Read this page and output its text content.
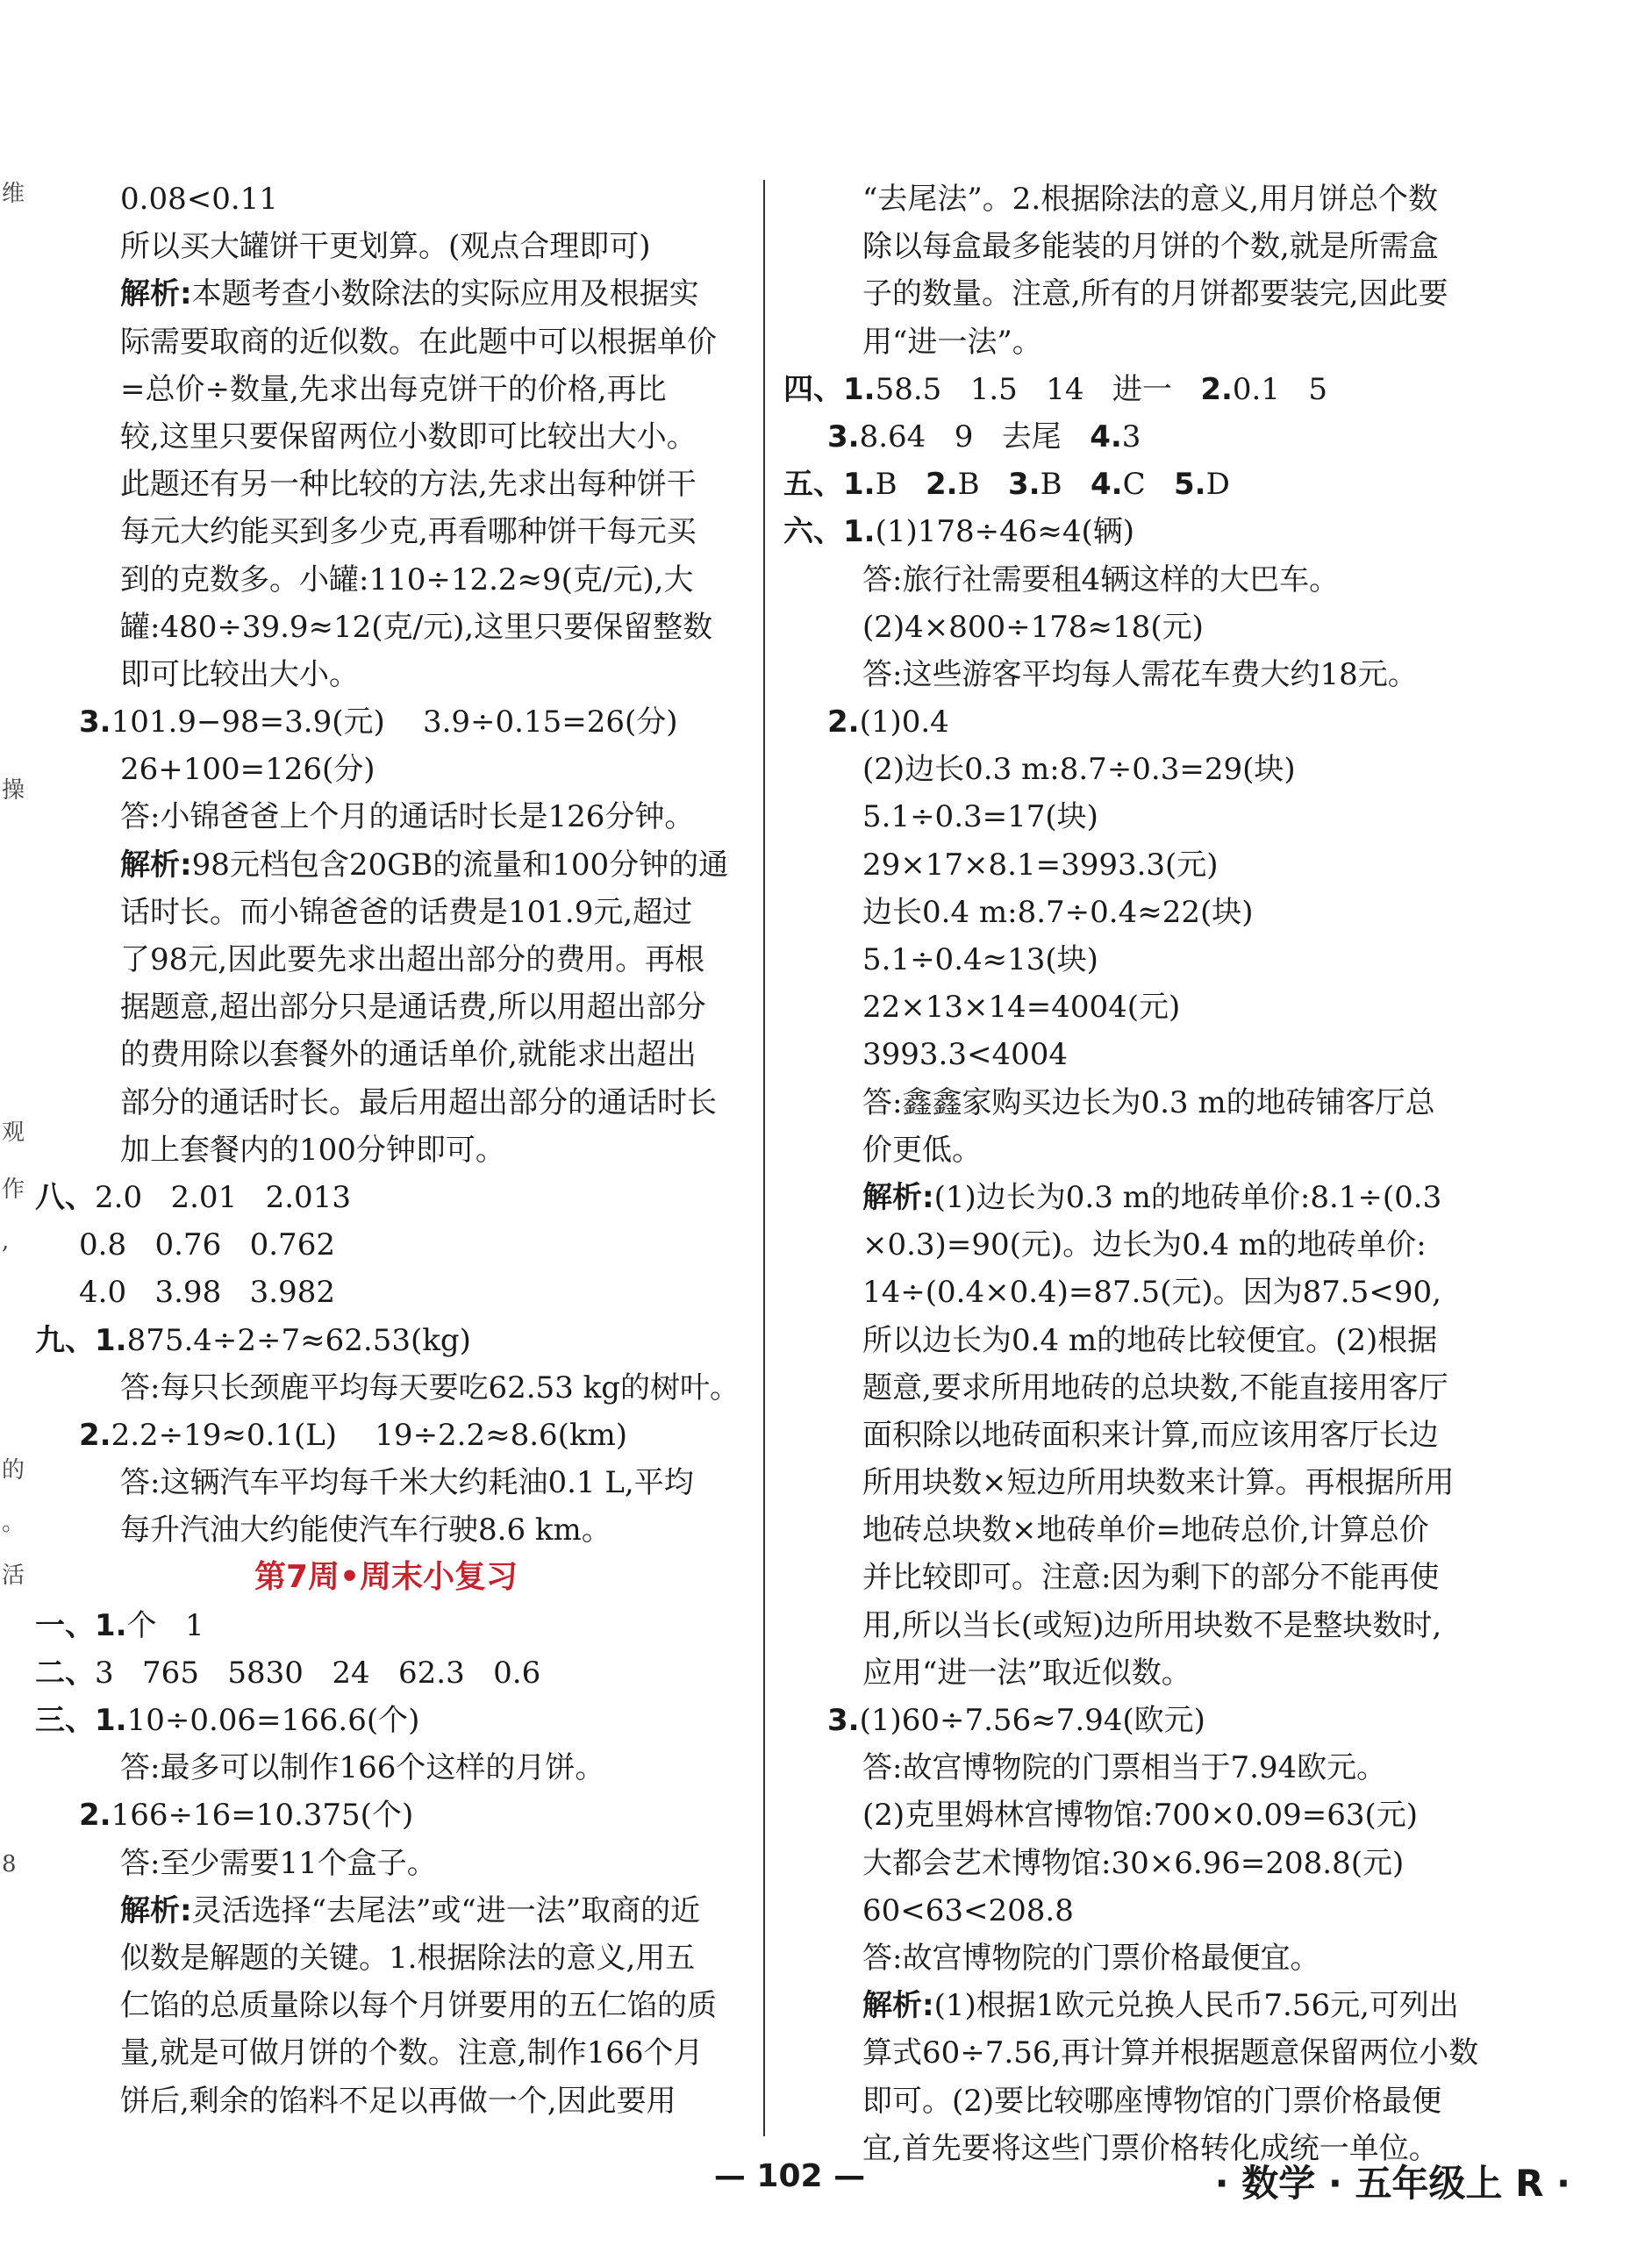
维
操
观
作
,
的
。
活
8
0.08<0.11
所以买大罐饼干更划算。(观点合理即可)
解析:本题考查小数除法的实际应用及根据实
际需要取商的近似数。在此题中可以根据单价
=总价÷数量,先求出每克饼干的价格,再比
较,这里只要保留两位小数即可比较出大小。
此题还有另一种比较的方法,先求出每种饼干
每元大约能买到多少克,再看哪种饼干每元买
到的克数多。小罐:110÷12.2≈9(克/元),大
罐:480÷39.9≈12(克/元),这里只要保留整数
即可比较出大小。
3.101.9−98=3.9(元)    3.9÷0.15=26(分)
26+100=126(分)
答:小锦爸爸上个月的通话时长是126分钟。
解析:98元档包含20GB的流量和100分钟的通
话时长。而小锦爸爸的话费是101.9元,超过
了98元,因此要先求出超出部分的费用。再根
据题意,超出部分只是通话费,所以用超出部分
的费用除以套餐外的通话单价,就能求出超出
部分的通话时长。最后用超出部分的通话时长
加上套餐内的100分钟即可。
八、2.0   2.01   2.013
0.8   0.76   0.762
4.0   3.98   3.982
九、1.875.4÷2÷7≈62.53(kg)
答:每只长颈鹿平均每天要吃62.53 kg的树叶。
2.2.2÷19≈0.1(L)    19÷2.2≈8.6(km)
答:这辆汽车平均每千米大约耗油0.1 L,平均
每升汽油大约能使汽车行驶8.6 km。
第7周•周末小复习
一、1.个   1
二、3   765   5830   24   62.3   0.6
三、1.10÷0.06=166.6(个)
答:最多可以制作166个这样的月饼。
2.166÷16=10.375(个)
答:至少需要11个盒子。
解析:灵活选择“去尾法”或“进一法”取商的近
似数是解题的关键。1.根据除法的意义,用五
仁馅的总质量除以每个月饼要用的五仁馅的质
量,就是可做月饼的个数。注意,制作166个月
饼后,剩余的馅料不足以再做一个,因此要用
“去尾法”。2.根据除法的意义,用月饼总个数
除以每盒最多能装的月饼的个数,就是所需盒
子的数量。注意,所有的月饼都要装完,因此要
用“进一法”。
四、1.58.5   1.5   14   进一   2.0.1   5
3.8.64   9   去尾   4.3
五、1.B   2.B   3.B   4.C   5.D
六、1.(1)178÷46≈4(辆)
答:旅行社需要租4辆这样的大巴车。
(2)4×800÷178≈18(元)
答:这些游客平均每人需花车费大约18元。
2.(1)0.4
(2)边长0.3 m:8.7÷0.3=29(块)
5.1÷0.3=17(块)
29×17×8.1=3993.3(元)
边长0.4 m:8.7÷0.4≈22(块)
5.1÷0.4≈13(块)
22×13×14=4004(元)
3993.3<4004
答:鑫鑫家购买边长为0.3 m的地砖铺客厅总
价更低。
解析:(1)边长为0.3 m的地砖单价:8.1÷(0.3
×0.3)=90(元)。边长为0.4 m的地砖单价:
14÷(0.4×0.4)=87.5(元)。因为87.5<90,
所以边长为0.4 m的地砖比较便宜。(2)根据
题意,要求所用地砖的总块数,不能直接用客厅
面积除以地砖面积来计算,而应该用客厅长边
所用块数×短边所用块数来计算。再根据所用
地砖总块数×地砖单价=地砖总价,计算总价
并比较即可。注意:因为剩下的部分不能再使
用,所以当长(或短)边所用块数不是整块数时,
应用“进一法”取近似数。
3.(1)60÷7.56≈7.94(欧元)
答:故宫博物院的门票相当于7.94欧元。
(2)克里姆林宫博物馆:700×0.09=63(元)
大都会艺术博物馆:30×6.96=208.8(元)
60<63<208.8
答:故宫博物院的门票价格最便宜。
解析:(1)根据1欧元兑换人民币7.56元,可列出
算式60÷7.56,再计算并根据题意保留两位小数
即可。(2)要比较哪座博物馆的门票价格最便
宜,首先要将这些门票价格转化成统一单位。
— 102 —	· 数学 · 五年级上 R ·
